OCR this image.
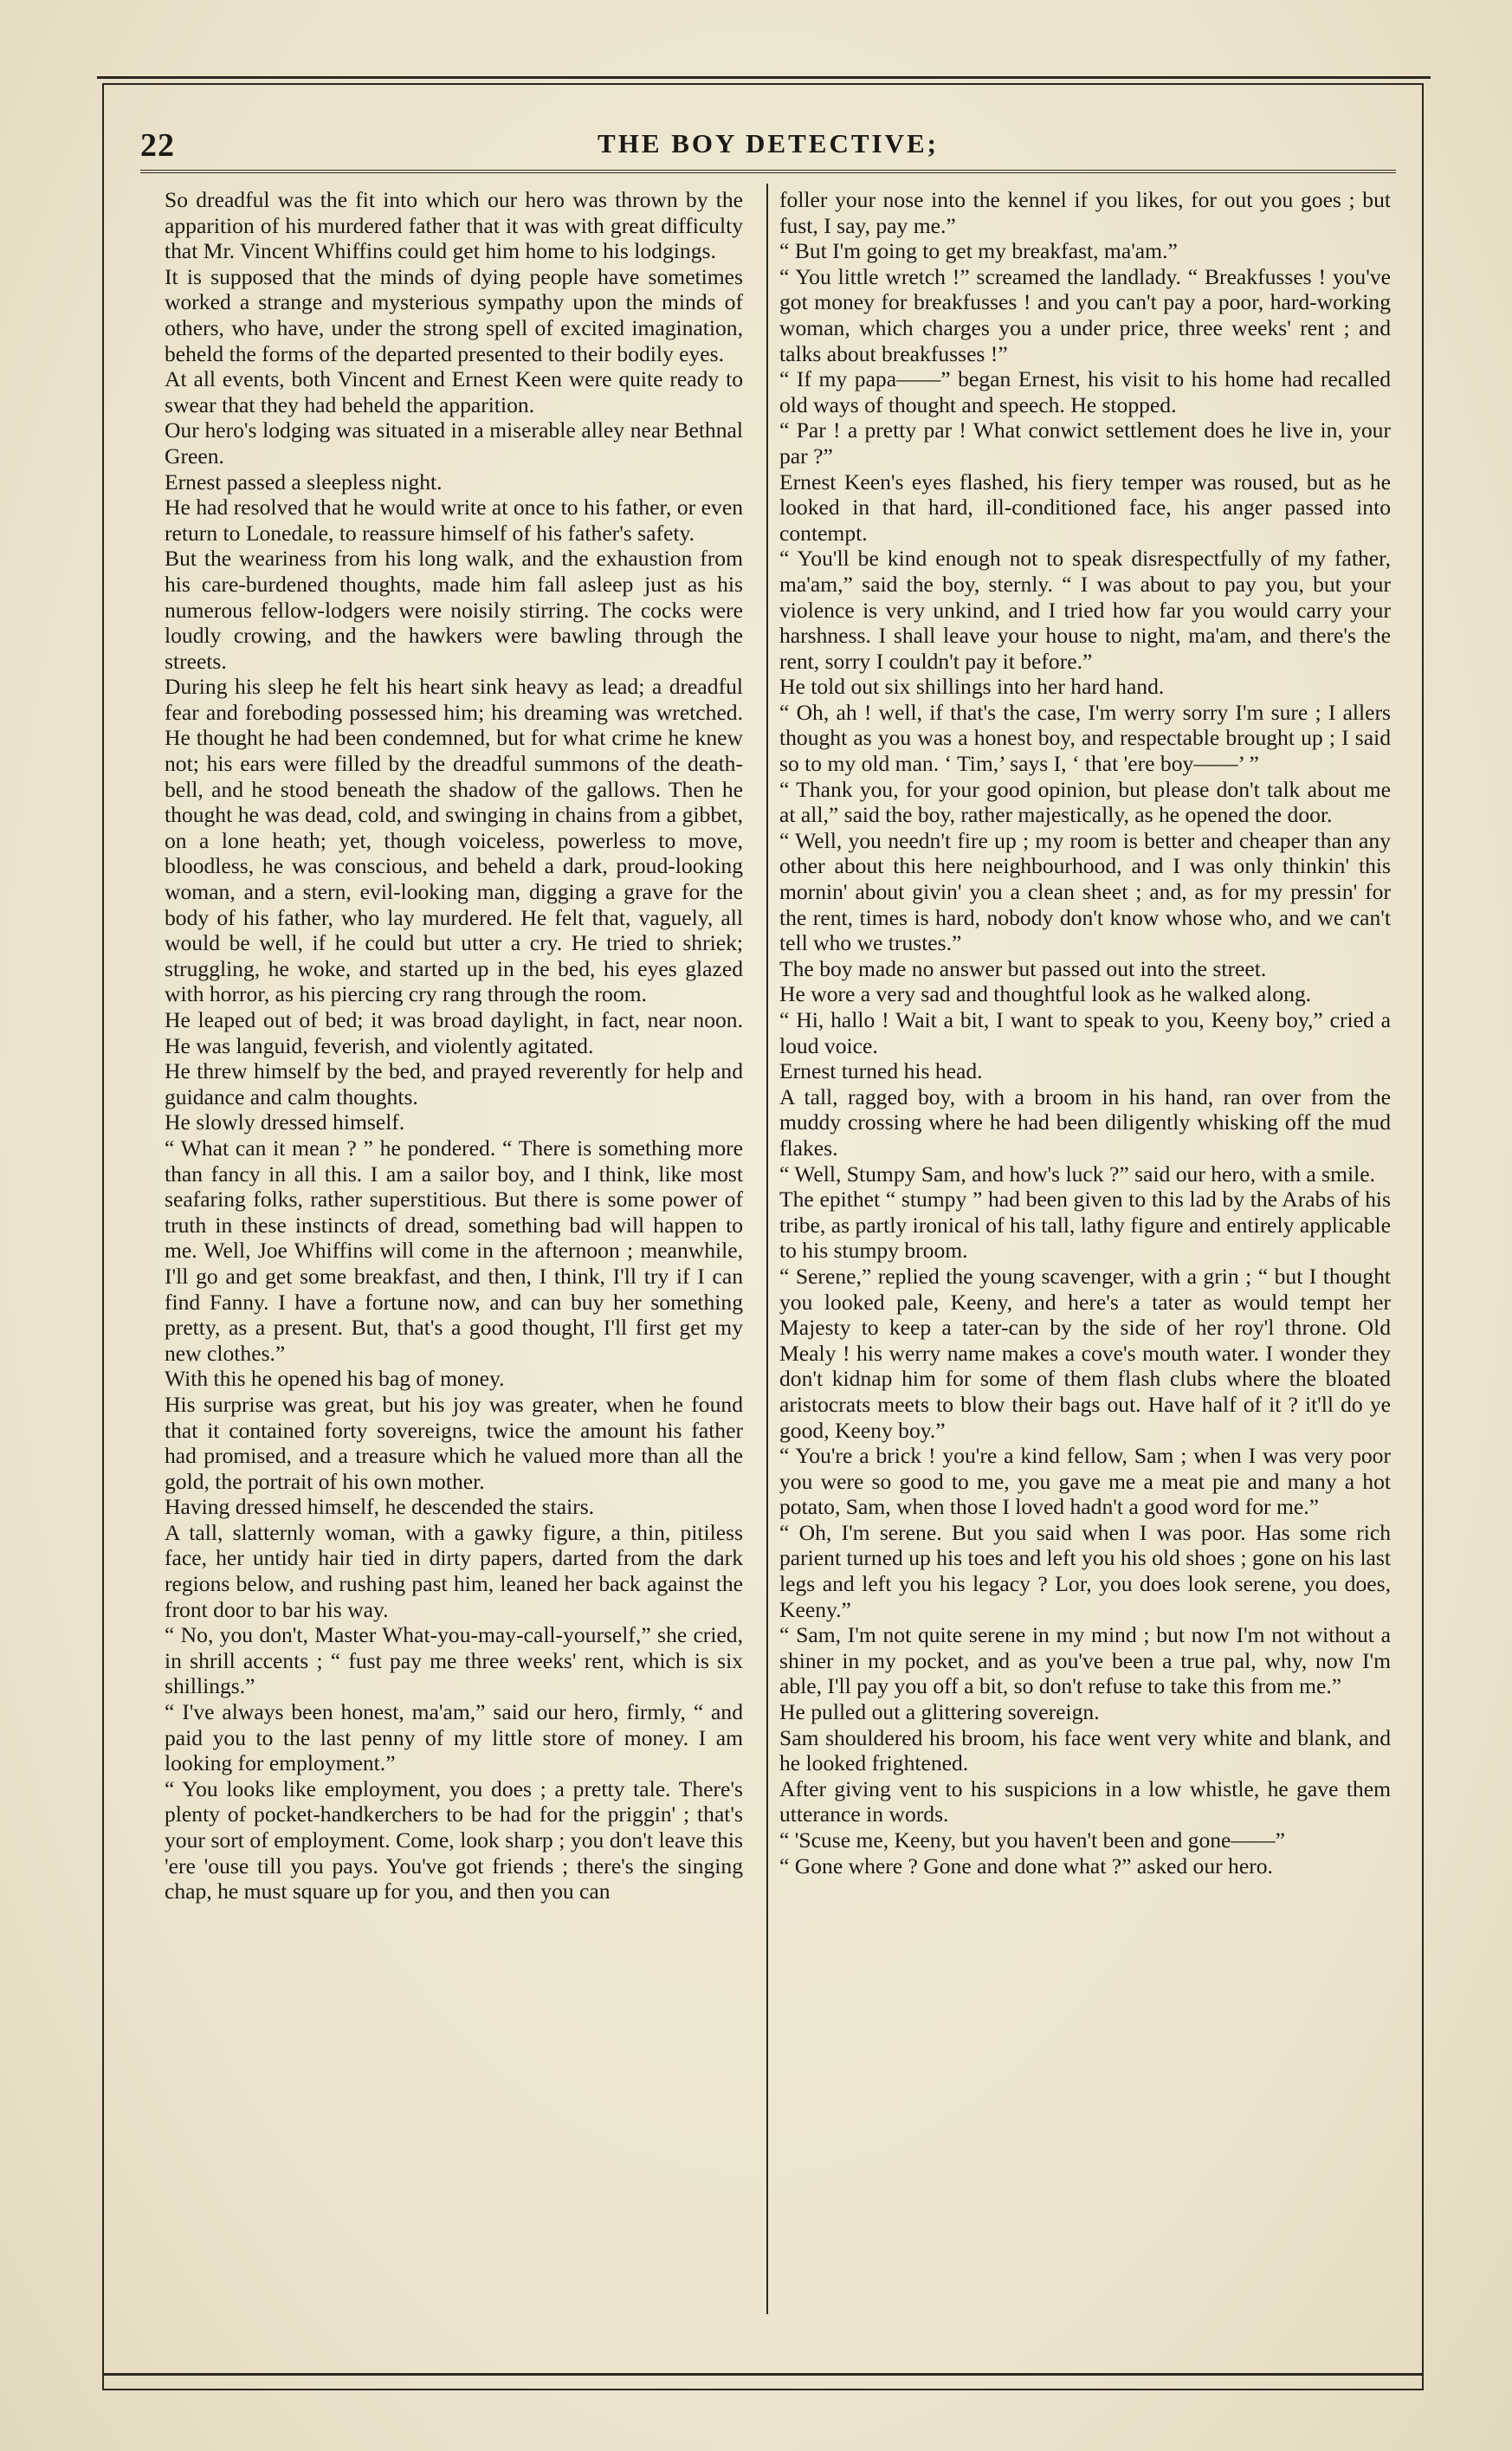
22	THE BOY DETECTIVE;

So dreadful was the fit into which our hero was thrown by the apparition of his murdered father that it was with great difficulty that Mr. Vincent Whiffins could get him home to his lodgings.

It is supposed that the minds of dying people have sometimes worked a strange and mysterious sympathy upon the minds of others, who have, under the strong spell of excited imagination, beheld the forms of the departed presented to their bodily eyes.

At all events, both Vincent and Ernest Keen were quite ready to swear that they had beheld the apparition.

Our hero's lodging was situated in a miserable alley near Bethnal Green.

Ernest passed a sleepless night.

He had resolved that he would write at once to his father, or even return to Lonedale, to reassure himself of his father's safety.

But the weariness from his long walk, and the exhaustion from his care-burdened thoughts, made him fall asleep just as his numerous fellow-lodgers were noisily stirring. The cocks were loudly crowing, and the hawkers were bawling through the streets.

During his sleep he felt his heart sink heavy as lead; a dreadful fear and foreboding possessed him; his dreaming was wretched. He thought he had been condemned, but for what crime he knew not; his ears were filled by the dreadful summons of the death-bell, and he stood beneath the shadow of the gallows. Then he thought he was dead, cold, and swinging in chains from a gibbet, on a lone heath; yet, though voiceless, powerless to move, bloodless, he was conscious, and beheld a dark, proud-looking woman, and a stern, evil-looking man, digging a grave for the body of his father, who lay murdered. He felt that, vaguely, all would be well, if he could but utter a cry. He tried to shriek; struggling, he woke, and started up in the bed, his eyes glazed with horror, as his piercing cry rang through the room.

He leaped out of bed; it was broad daylight, in fact, near noon. He was languid, feverish, and violently agitated.

He threw himself by the bed, and prayed reverently for help and guidance and calm thoughts.

He slowly dressed himself.

“ What can it mean ? ” he pondered. “ There is something more than fancy in all this. I am a sailor boy, and I think, like most seafaring folks, rather superstitious. But there is some power of truth in these instincts of dread, something bad will happen to me. Well, Joe Whiffins will come in the afternoon ; meanwhile, I'll go and get some breakfast, and then, I think, I'll try if I can find Fanny. I have a fortune now, and can buy her something pretty, as a present. But, that's a good thought, I'll first get my new clothes.”

With this he opened his bag of money.

His surprise was great, but his joy was greater, when he found that it contained forty sovereigns, twice the amount his father had promised, and a treasure which he valued more than all the gold, the portrait of his own mother.

Having dressed himself, he descended the stairs.

A tall, slatternly woman, with a gawky figure, a thin, pitiless face, her untidy hair tied in dirty papers, darted from the dark regions below, and rushing past him, leaned her back against the front door to bar his way.

“ No, you don't, Master What-you-may-call-yourself,” she cried, in shrill accents ; “ fust pay me three weeks' rent, which is six shillings.”

“ I've always been honest, ma'am,” said our hero, firmly, “ and paid you to the last penny of my little store of money. I am looking for employment.”

“ You looks like employment, you does ; a pretty tale. There's plenty of pocket-handkerchers to be had for the priggin' ; that's your sort of employment. Come, look sharp ; you don't leave this 'ere 'ouse till you pays. You've got friends ; there's the singing chap, he must square up for you, and then you can

foller your nose into the kennel if you likes, for out you goes ; but fust, I say, pay me.”

“ But I'm going to get my breakfast, ma'am.”

“ You little wretch !” screamed the landlady. “ Breakfusses ! you've got money for breakfusses ! and you can't pay a poor, hard-working woman, which charges you a under price, three weeks' rent ; and talks about breakfusses !”

“ If my papa——” began Ernest, his visit to his home had recalled old ways of thought and speech. He stopped.

“ Par ! a pretty par ! What conwict settlement does he live in, your par ?”

Ernest Keen's eyes flashed, his fiery temper was roused, but as he looked in that hard, ill-conditioned face, his anger passed into contempt.

“ You'll be kind enough not to speak disrespectfully of my father, ma'am,” said the boy, sternly. “ I was about to pay you, but your violence is very unkind, and I tried how far you would carry your harshness. I shall leave your house to night, ma'am, and there's the rent, sorry I couldn't pay it before.”

He told out six shillings into her hard hand.

“ Oh, ah ! well, if that's the case, I'm werry sorry I'm sure ; I allers thought as you was a honest boy, and respectable brought up ; I said so to my old man. ‘ Tim,’ says I, ‘ that 'ere boy——’ ”

“ Thank you, for your good opinion, but please don't talk about me at all,” said the boy, rather majestically, as he opened the door.

“ Well, you needn't fire up ; my room is better and cheaper than any other about this here neighbourhood, and I was only thinkin' this mornin' about givin' you a clean sheet ; and, as for my pressin' for the rent, times is hard, nobody don't know whose who, and we can't tell who we trustes.”

The boy made no answer but passed out into the street.

He wore a very sad and thoughtful look as he walked along.

“ Hi, hallo ! Wait a bit, I want to speak to you, Keeny boy,” cried a loud voice.

Ernest turned his head.

A tall, ragged boy, with a broom in his hand, ran over from the muddy crossing where he had been diligently whisking off the mud flakes.

“ Well, Stumpy Sam, and how's luck ?” said our hero, with a smile.

The epithet “ stumpy ” had been given to this lad by the Arabs of his tribe, as partly ironical of his tall, lathy figure and entirely applicable to his stumpy broom.

“ Serene,” replied the young scavenger, with a grin ; “ but I thought you looked pale, Keeny, and here's a tater as would tempt her Majesty to keep a tater-can by the side of her roy'l throne. Old Mealy ! his werry name makes a cove's mouth water. I wonder they don't kidnap him for some of them flash clubs where the bloated aristocrats meets to blow their bags out. Have half of it ? it'll do ye good, Keeny boy.”

“ You're a brick ! you're a kind fellow, Sam ; when I was very poor you were so good to me, you gave me a meat pie and many a hot potato, Sam, when those I loved hadn't a good word for me.”

“ Oh, I'm serene. But you said when I was poor. Has some rich parient turned up his toes and left you his old shoes ; gone on his last legs and left you his legacy ? Lor, you does look serene, you does, Keeny.”

“ Sam, I'm not quite serene in my mind ; but now I'm not without a shiner in my pocket, and as you've been a true pal, why, now I'm able, I'll pay you off a bit, so don't refuse to take this from me.”

He pulled out a glittering sovereign.

Sam shouldered his broom, his face went very white and blank, and he looked frightened.

After giving vent to his suspicions in a low whistle, he gave them utterance in words.

“ 'Scuse me, Keeny, but you haven't been and gone——”

“ Gone where ? Gone and done what ?” asked our hero.
